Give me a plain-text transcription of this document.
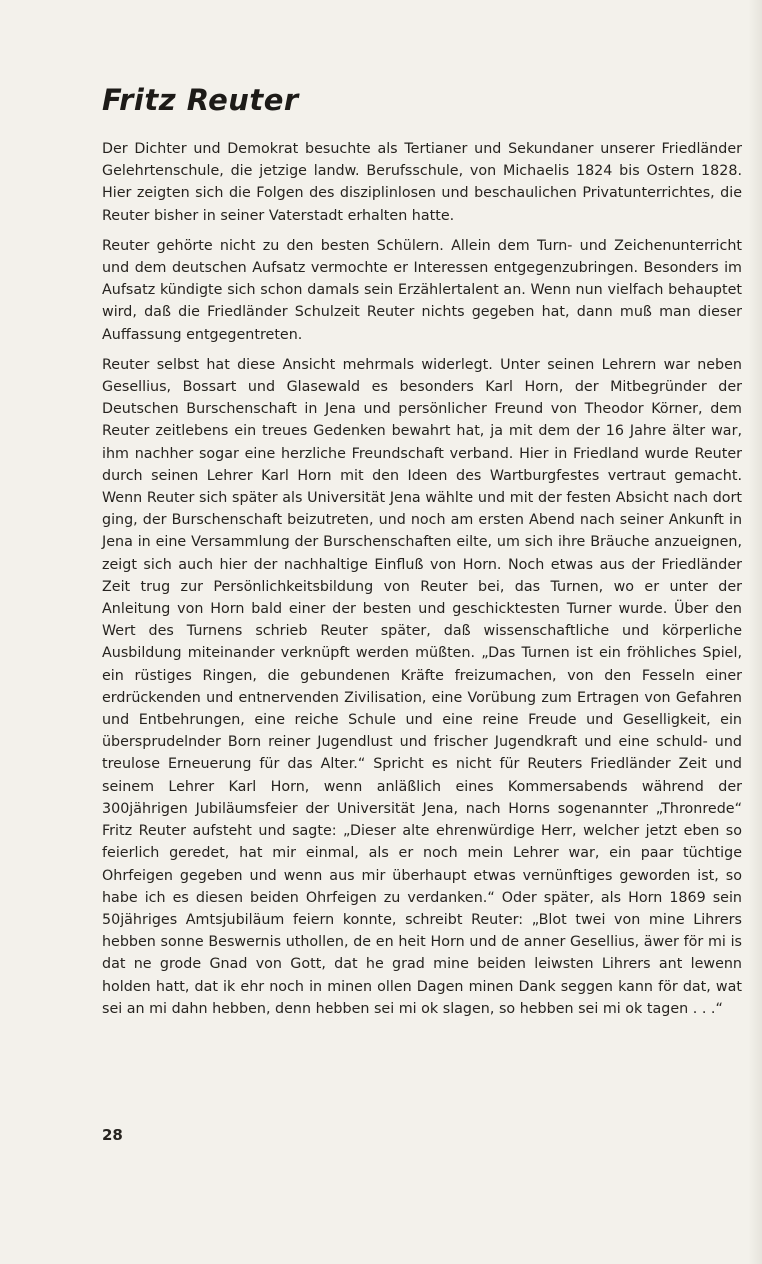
Fritz Reuter

Der Dichter und Demokrat besuchte als Tertianer und Sekundaner unserer Friedländer Gelehrtenschule, die jetzige landw. Berufsschule, von Michaelis 1824 bis Ostern 1828. Hier zeigten sich die Folgen des disziplinlosen und beschaulichen Privatunterrichtes, die Reuter bisher in seiner Vaterstadt erhalten hatte.

Reuter gehörte nicht zu den besten Schülern. Allein dem Turn- und Zeichenunterricht und dem deutschen Aufsatz vermochte er Interessen entgegenzubringen. Besonders im Aufsatz kündigte sich schon damals sein Erzählertalent an. Wenn nun vielfach behauptet wird, daß die Friedländer Schulzeit Reuter nichts gegeben hat, dann muß man dieser Auffassung entgegentreten.

Reuter selbst hat diese Ansicht mehrmals widerlegt. Unter seinen Lehrern war neben Gesellius, Bossart und Glasewald es besonders Karl Horn, der Mitbegründer der Deutschen Burschenschaft in Jena und persönlicher Freund von Theodor Körner, dem Reuter zeitlebens ein treues Gedenken bewahrt hat, ja mit dem der 16 Jahre älter war, ihm nachher sogar eine herzliche Freundschaft verband. Hier in Friedland wurde Reuter durch seinen Lehrer Karl Horn mit den Ideen des Wartburgfestes vertraut gemacht. Wenn Reuter sich später als Universität Jena wählte und mit der festen Absicht nach dort ging, der Burschenschaft beizutreten, und noch am ersten Abend nach seiner Ankunft in Jena in eine Versammlung der Burschenschaften eilte, um sich ihre Bräuche anzueignen, zeigt sich auch hier der nachhaltige Einfluß von Horn. Noch etwas aus der Friedländer Zeit trug zur Persönlichkeitsbildung von Reuter bei, das Turnen, wo er unter der Anleitung von Horn bald einer der besten und geschicktesten Turner wurde. Über den Wert des Turnens schrieb Reuter später, daß wissenschaftliche und körperliche Ausbildung miteinander verknüpft werden müßten. „Das Turnen ist ein fröhliches Spiel, ein rüstiges Ringen, die gebundenen Kräfte freizumachen, von den Fesseln einer erdrückenden und entnervenden Zivilisation, eine Vorübung zum Ertragen von Gefahren und Entbehrungen, eine reiche Schule und eine reine Freude und Geselligkeit, ein übersprudelnder Born reiner Jugendlust und frischer Jugendkraft und eine schuld- und treulose Erneuerung für das Alter.“ Spricht es nicht für Reuters Friedländer Zeit und seinem Lehrer Karl Horn, wenn anläßlich eines Kommersabends während der 300jährigen Jubiläumsfeier der Universität Jena, nach Horns sogenannter „Thronrede“ Fritz Reuter aufsteht und sagte: „Dieser alte ehrenwürdige Herr, welcher jetzt eben so feierlich geredet, hat mir einmal, als er noch mein Lehrer war, ein paar tüchtige Ohrfeigen gegeben und wenn aus mir überhaupt etwas vernünftiges geworden ist, so habe ich es diesen beiden Ohrfeigen zu verdanken.“ Oder später, als Horn 1869 sein 50jähriges Amtsjubiläum feiern konnte, schreibt Reuter: „Blot twei von mine Lihrers hebben sonne Beswernis uthollen, de en heit Horn und de anner Gesellius, äwer för mi is dat ne grode Gnad von Gott, dat he grad mine beiden leiwsten Lihrers ant lewenn holden hatt, dat ik ehr noch in minen ollen Dagen minen Dank seggen kann för dat, wat sei an mi dahn hebben, denn hebben sei mi ok slagen, so hebben sei mi ok tagen . . .“

28
